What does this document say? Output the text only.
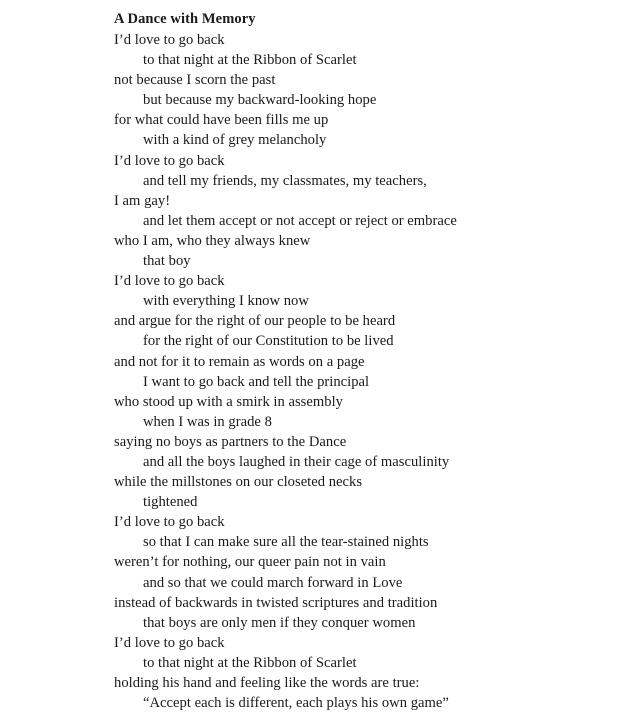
A Dance with Memory
I’d love to go back
to that night at the Ribbon of Scarlet
not because I scorn the past
but because my backward-looking hope
for what could have been fills me up
with a kind of grey melancholy
I’d love to go back
and tell my friends, my classmates, my teachers,
I am gay!
and let them accept or not accept or reject or embrace
who I am, who they always knew
that boy
I’d love to go back
with everything I know now
and argue for the right of our people to be heard
for the right of our Constitution to be lived
and not for it to remain as words on a page
I want to go back and tell the principal
who stood up with a smirk in assembly
when I was in grade 8
saying no boys as partners to the Dance
and all the boys laughed in their cage of masculinity
while the millstones on our closeted necks
tightened
I’d love to go back
so that I can make sure all the tear-stained nights
weren’t for nothing, our queer pain not in vain
and so that we could march forward in Love
instead of backwards in twisted scriptures and tradition
that boys are only men if they conquer women
I’d love to go back
to that night at the Ribbon of Scarlet
holding his hand and feeling like the words are true:
“Accept each is different, each plays his own game”
